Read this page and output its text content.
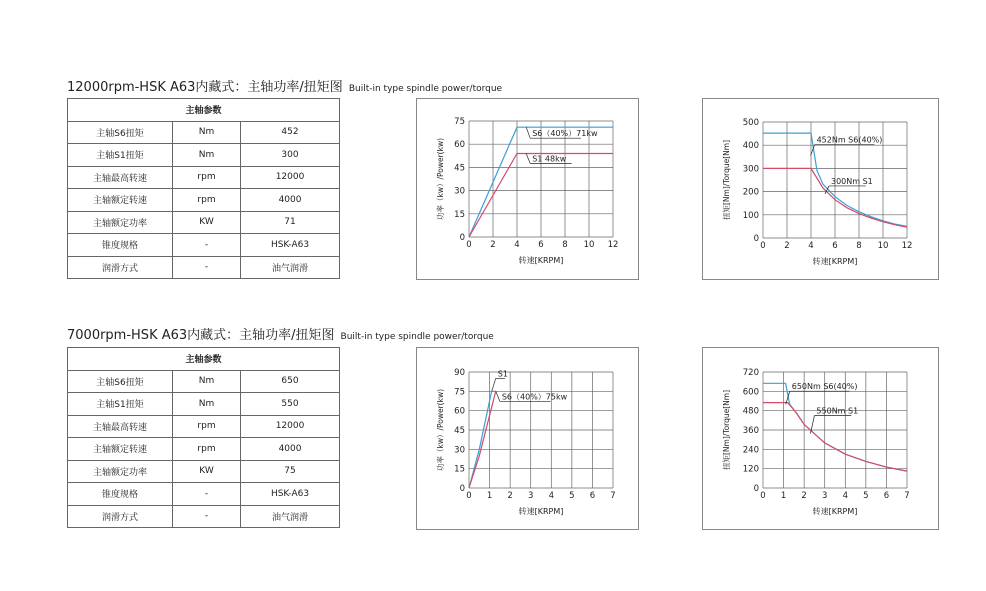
12000rpm-HSK A63内藏式：主轴功率/扭矩图 Built-in type spindle power/torque
主轴参数		
主轴S6扭矩	Nm	452
主轴S1扭矩	Nm	300
主轴最高转速	rpm	12000
主轴额定转速	rpm	4000
主轴额定功率	KW	71
锥度规格	-	HSK-A63
润滑方式	-	油气润滑
0 2 4 6 8 10 12
0
15
30
45
60
75
转速[KRPM]
功率（kw）/Power(kw)
S6（40%）71kw
S1 48kw
0 2 4 6 8 10 12
0
100
200
300
400
500
转速[KRPM]
扭矩[Nm]/Torque[Nm]	452Nm S6(40%)
300Nm S1
7000rpm-HSK A63内藏式：主轴功率/扭矩图 Built-in type spindle power/torque
主轴参数		
主轴S6扭矩	Nm	650
主轴S1扭矩	Nm	550
主轴最高转速	rpm	12000
主轴额定转速	rpm	4000
主轴额定功率	KW	75
锥度规格	-	HSK-A63
润滑方式	-	油气润滑
0 1 2 3 4 5 6 7
0
15
30
45
60
75
90
转速[KRPM]
功率（kw）/Power(kw)	S6（40%）75kw
S1
0 1 2 3 4 5 6 7
0
120
240
360
480
600
720
转速[KRPM]
扭矩[Nm]/Torque[Nm]
650Nm S6(40%)
550Nm S1
